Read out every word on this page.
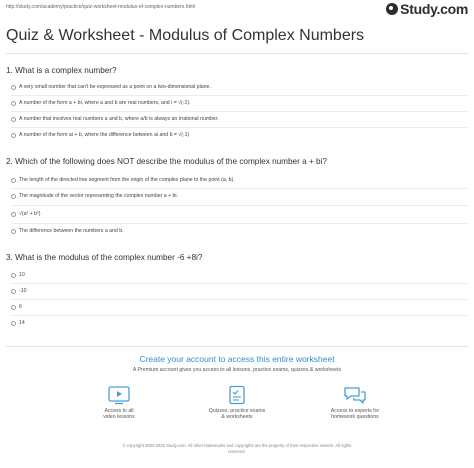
http://study.com/academy/practice/quiz-worksheet-modulus-of-complex-numbers.html	Study.com
Quiz & Worksheet - Modulus of Complex Numbers
1. What is a complex number?
A very small number that can't be expressed as a point on a two-dimensional plane.
A number of the form a + bi, where a and b are real numbers, and i = √(-1).
A number that involves real numbers a and b, where a/b is always an irrational number.
A number of the form ai + b, where the difference between ai and b = √(-1)
2. Which of the following does NOT describe the modulus of the complex number a + bi?
The length of the directed line segment from the origin of the complex plane to the point (a, b).
The magnitude of the vector representing the complex number a + bi.
√(a² + b²)
The difference between the numbers a and b.
3. What is the modulus of the complex number -6 +8i?
10
-10
6
14
Create your account to access this entire worksheet
A Premium account gives you access to all lessons, practice exams, quizzes & worksheets
Access to all
video lessons
Quizzes, practice exams
& worksheets
Access to experts for
homework questions
© copyright 2003-2020 Study.com. All other trademarks and copyrights are the property of their respective owners. All rights
reserved.
